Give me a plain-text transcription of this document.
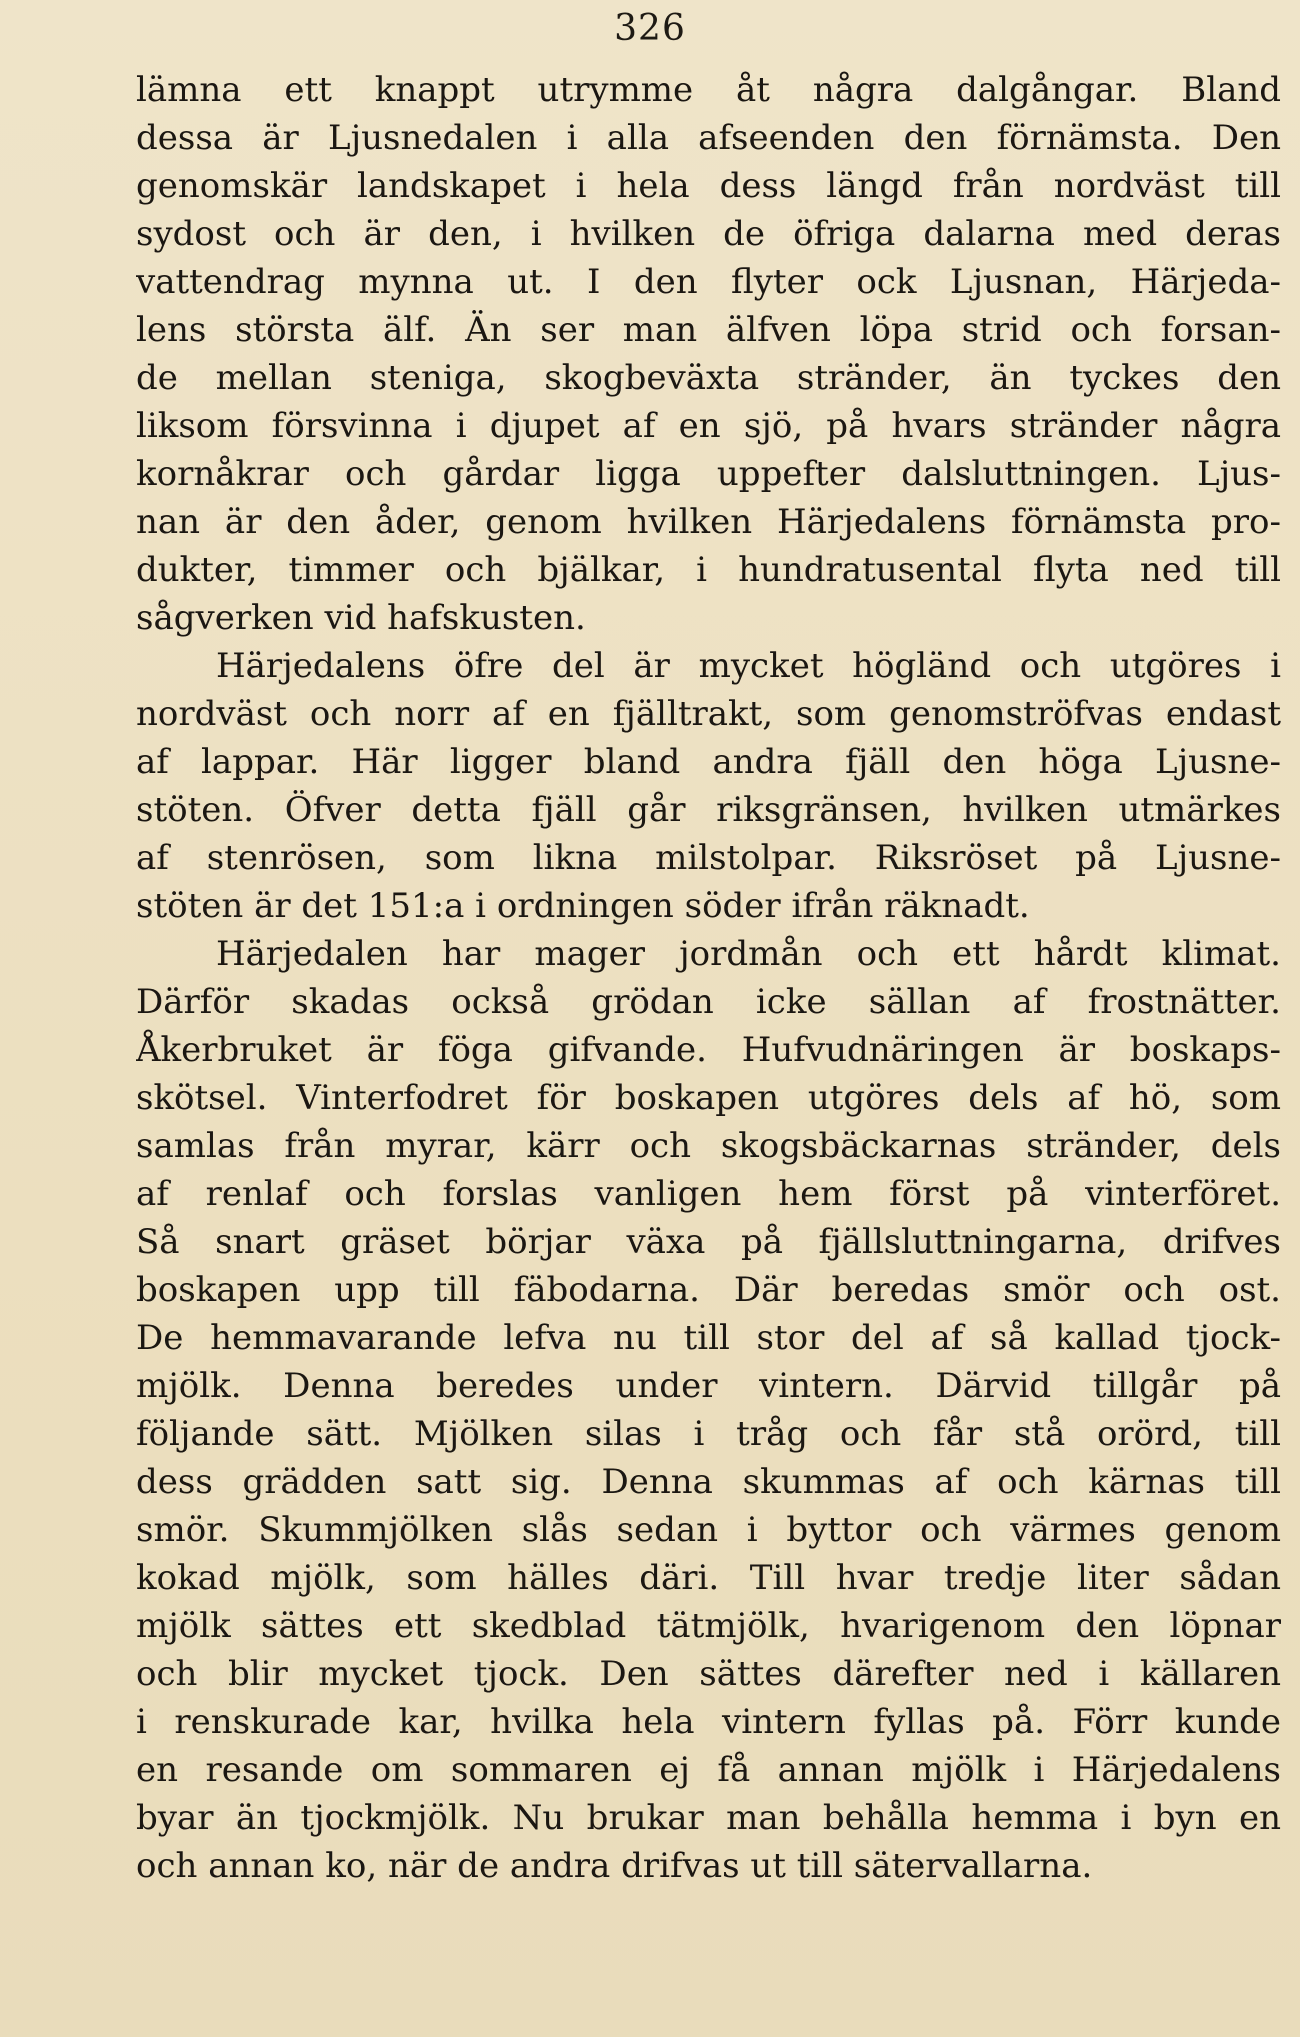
326
lämna ett knappt utrymme åt några dalgångar. Bland
dessa är Ljusnedalen i alla afseenden den förnämsta. Den
genomskär landskapet i hela dess längd från nordväst till
sydost och är den, i hvilken de öfriga dalarna med deras
vattendrag mynna ut. I den flyter ock Ljusnan, Härjeda-
lens största älf. Än ser man älfven löpa strid och forsan-
de mellan steniga, skogbeväxta stränder, än tyckes den
liksom försvinna i djupet af en sjö, på hvars stränder några
kornåkrar och gårdar ligga uppefter dalsluttningen. Ljus-
nan är den åder, genom hvilken Härjedalens förnämsta pro-
dukter, timmer och bjälkar, i hundratusental flyta ned till
sågverken vid hafskusten.
Härjedalens öfre del är mycket högländ och utgöres i
nordväst och norr af en fjälltrakt, som genomströfvas endast
af lappar. Här ligger bland andra fjäll den höga Ljusne-
stöten. Öfver detta fjäll går riksgränsen, hvilken utmärkes
af stenrösen, som likna milstolpar. Riksröset på Ljusne-
stöten är det 151:a i ordningen söder ifrån räknadt.
Härjedalen har mager jordmån och ett hårdt klimat.
Därför skadas också grödan icke sällan af frostnätter.
Åkerbruket är föga gifvande. Hufvudnäringen är boskaps-
skötsel. Vinterfodret för boskapen utgöres dels af hö, som
samlas från myrar, kärr och skogsbäckarnas stränder, dels
af renlaf och forslas vanligen hem först på vinterföret.
Så snart gräset börjar växa på fjällsluttningarna, drifves
boskapen upp till fäbodarna. Där beredas smör och ost.
De hemmavarande lefva nu till stor del af så kallad tjock-
mjölk. Denna beredes under vintern. Därvid tillgår på
följande sätt. Mjölken silas i tråg och får stå orörd, till
dess grädden satt sig. Denna skummas af och kärnas till
smör. Skummjölken slås sedan i byttor och värmes genom
kokad mjölk, som hälles däri. Till hvar tredje liter sådan
mjölk sättes ett skedblad tätmjölk, hvarigenom den löpnar
och blir mycket tjock. Den sättes därefter ned i källaren
i renskurade kar, hvilka hela vintern fyllas på. Förr kunde
en resande om sommaren ej få annan mjölk i Härjedalens
byar än tjockmjölk. Nu brukar man behålla hemma i byn en
och annan ko, när de andra drifvas ut till sätervallarna.
